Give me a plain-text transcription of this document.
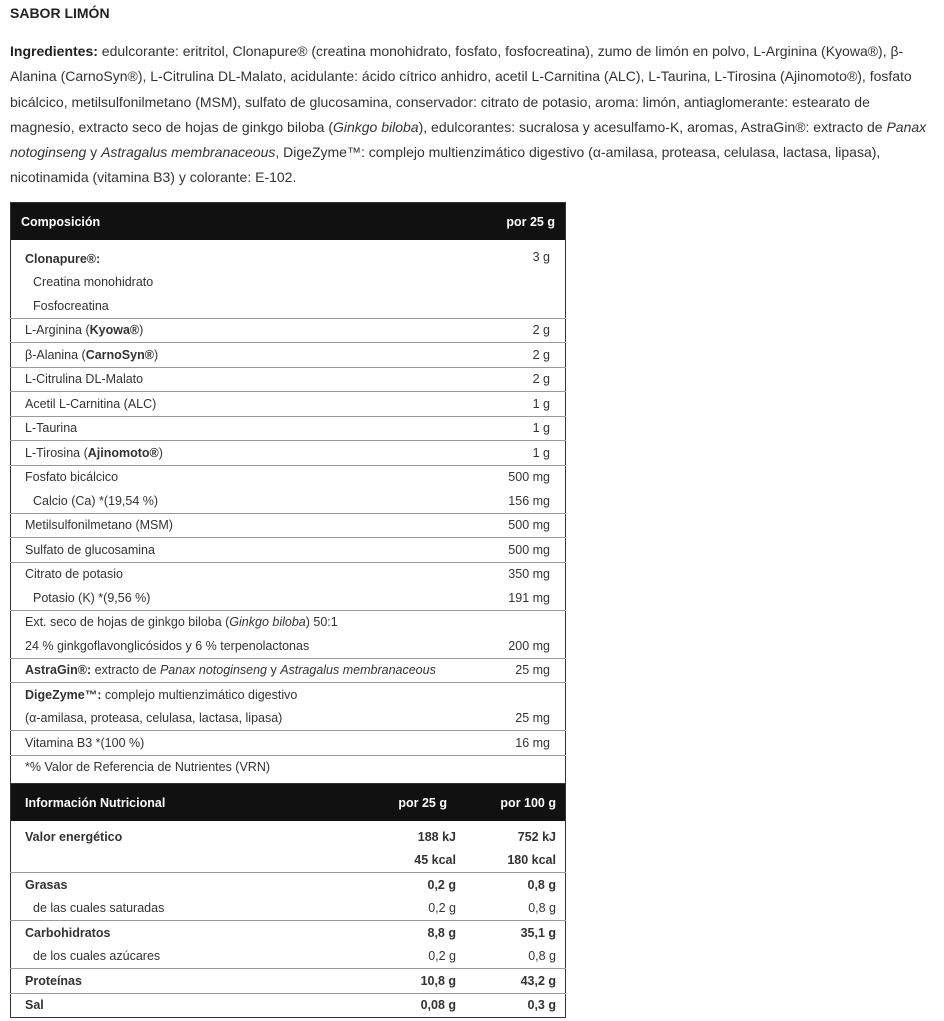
SABOR LIMÓN
Ingredientes: edulcorante: eritritol, Clonapure® (creatina monohidrato, fosfato, fosfocreatina), zumo de limón en polvo, L-Arginina (Kyowa®), β-Alanina (CarnoSyn®), L-Citrulina DL-Malato, acidulante: ácido cítrico anhidro, acetil L-Carnitina (ALC), L-Taurina, L-Tirosina (Ajinomoto®), fosfato bicálcico, metilsulfonilmetano (MSM), sulfato de glucosamina, conservador: citrato de potasio, aroma: limón, antiaglomerante: estearato de magnesio, extracto seco de hojas de ginkgo biloba (Ginkgo biloba), edulcorantes: sucralosa y acesulfamo-K, aromas, AstraGin®: extracto de Panax notoginseng y Astragalus membranaceous, DigeZyme™: complejo multienzimático digestivo (α-amilasa, proteasa, celulasa, lactasa, lipasa), nicotinamida (vitamina B3) y colorante: E-102.
Composición	por 25 g

Clonapure®:	3 g
Creatina monohidrato	
Fosfocreatina	
L-Arginina (Kyowa®)	2 g
β-Alanina (CarnoSyn®)	2 g
L-Citrulina DL-Malato	2 g
Acetil L-Carnitina (ALC)	1 g
L-Taurina	1 g
L-Tirosina (Ajinomoto®)	1 g
Fosfato bicálcico	500 mg
Calcio (Ca) *(19,54 %)	156 mg
Metilsulfonilmetano (MSM)	500 mg
Sulfato de glucosamina	500 mg
Citrato de potasio	350 mg
Potasio (K) *(9,56 %)	191 mg
Ext. seco de hojas de ginkgo biloba (Ginkgo biloba) 50:1	
24 % ginkgoflavonglicósidos y 6 % terpenolactonas	200 mg
AstraGin®: extracto de Panax notoginseng y Astragalus membranaceous	25 mg
DigeZyme™: complejo multienzimático digestivo	
(α-amilasa, proteasa, celulasa, lactasa, lipasa)	25 mg
Vitamina B3 *(100 %)	16 mg
*% Valor de Referencia de Nutrientes (VRN)	

Información Nutricional	por 25 g	por 100 g

Valor energético	188 kJ	752 kJ
	45 kcal	180 kcal
Grasas	0,2 g	0,8 g
de las cuales saturadas	0,2 g	0,8 g
Carbohidratos	8,8 g	35,1 g
de los cuales azúcares	0,2 g	0,8 g
Proteínas	10,8 g	43,2 g
Sal	0,08 g	0,3 g
